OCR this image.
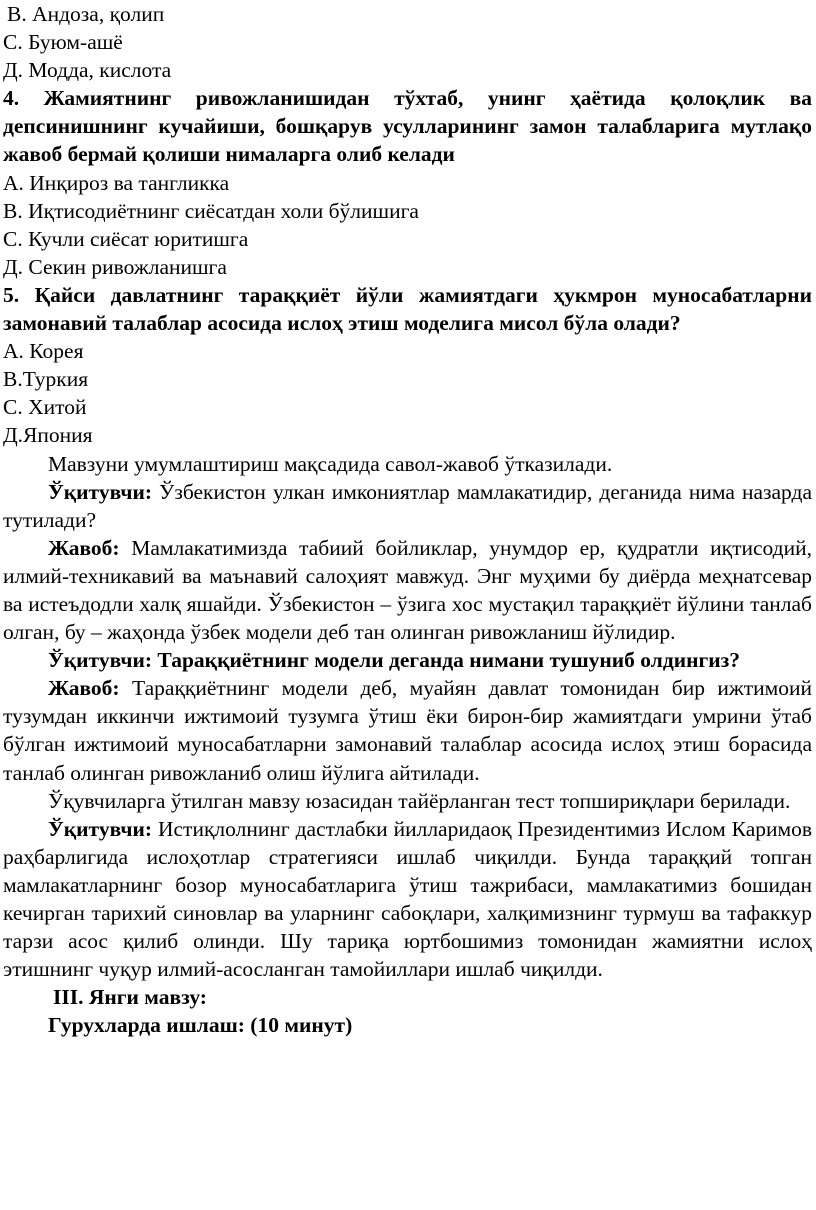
В. Андоза, қолип

С. Буюм-ашё

Д. Модда, кислота

4. Жамиятнинг ривожланишидан тўхтаб, унинг ҳаётида қолоқлик ва депсинишнинг кучайиши, бошқарув усулларининг замон талабларига мутлақо жавоб бермай қолиши нималарга олиб келади

А. Инқироз ва тангликка

В. Иқтисодиётнинг сиёсатдан холи бўлишига

С. Кучли сиёсат юритишга

Д. Секин ривожланишга

5. Қайси давлатнинг тараққиёт йўли жамиятдаги ҳукмрон муносабатларни замонавий талаблар асосида ислоҳ этиш моделига мисол бўла олади?

А. Корея

В.Туркия

С. Хитой

Д.Япония

Мавзуни умумлаштириш мақсадида савол-жавоб ўтказилади.

Ўқитувчи: Ўзбекистон улкан имкониятлар мамлакатидир, деганида нима назарда тутилади?

Жавоб: Мамлакатимизда табиий бойликлар, унумдор ер, қудратли иқтисодий, илмий-техникавий ва маънавий салоҳият мавжуд. Энг муҳими бу диёрда меҳнатсевар ва истеъдодли халқ яшайди. Ўзбекистон – ўзига хос мустақил тараққиёт йўлини танлаб олган, бу – жаҳонда ўзбек модели деб тан олинган ривожланиш йўлидир.

Ўқитувчи: Тараққиётнинг модели деганда нимани тушуниб олдингиз?

Жавоб: Тараққиётнинг модели деб, муайян давлат томонидан бир ижтимоий тузумдан иккинчи ижтимоий тузумга ўтиш ёки бирон-бир жамиятдаги умрини ўтаб бўлган ижтимоий муносабатларни замонавий талаблар асосида ислоҳ этиш борасида танлаб олинган ривожланиб олиш йўлига айтилади.

Ўқувчиларга ўтилган мавзу юзасидан тайёрланган тест топшириқлари берилади.

Ўқитувчи: Истиқлолнинг дастлабки йилларидаоқ Президентимиз Ислом Каримов раҳбарлигида ислоҳотлар стратегияси ишлаб чиқилди. Бунда тараққий топган мамлакатларнинг бозор муносабатларига ўтиш тажрибаси, мамлакатимиз бошидан кечирган тарихий синовлар ва уларнинг сабоқлари, халқимизнинг турмуш ва тафаккур тарзи асос қилиб олинди. Шу тариқа юртбошимиз томонидан жамиятни ислоҳ этишнинг чуқур илмий-асосланган тамойиллари ишлаб чиқилди.

III. Янги мавзу:

Гурухларда ишлаш: (10 минут)
